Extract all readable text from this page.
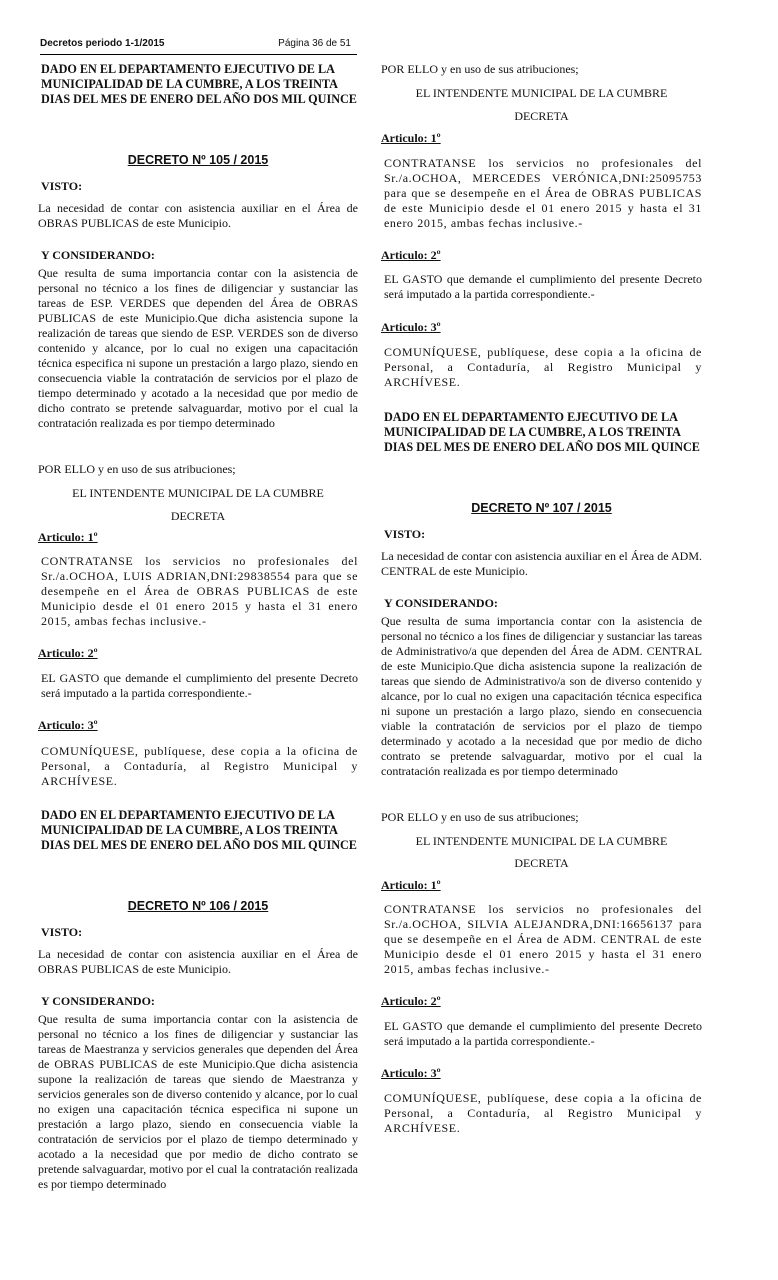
Decretos periodo 1-1/2015	Página 36 de 51
DADO EN EL DEPARTAMENTO EJECUTIVO DE LA MUNICIPALIDAD DE LA CUMBRE, A LOS TREINTA DIAS DEL MES DE ENERO DEL AÑO DOS MIL QUINCE
DECRETO Nº 105 / 2015
VISTO:
La necesidad de contar con asistencia auxiliar en el Área de OBRAS PUBLICAS de este Municipio.
Y CONSIDERANDO:
Que resulta de suma importancia contar con la asistencia de personal no técnico a los fines de diligenciar y sustanciar las tareas de ESP. VERDES que dependen del Área de OBRAS PUBLICAS de este Municipio.Que dicha asistencia supone la realización de tareas que siendo de ESP. VERDES son de diverso contenido y alcance, por lo cual no exigen una capacitación técnica especifica ni supone un prestación a largo plazo, siendo en consecuencia viable la contratación de servicios por el plazo de tiempo determinado y acotado a la necesidad que por medio de dicho contrato se pretende salvaguardar, motivo por el cual la contratación realizada es por tiempo determinado
POR ELLO y en uso de sus atribuciones;
EL INTENDENTE MUNICIPAL DE LA CUMBRE
DECRETA
Articulo: 1º
CONTRATANSE los servicios no profesionales del Sr./a.OCHOA, LUIS ADRIAN,DNI:29838554 para que se desempeñe en el Área de OBRAS PUBLICAS de este Municipio desde el 01 enero 2015 y hasta el 31 enero 2015, ambas fechas inclusive.-
Articulo: 2º
EL GASTO que demande el cumplimiento del presente Decreto será imputado a la partida correspondiente.-
Articulo: 3º
COMUNÍQUESE, publíquese, dese copia a la oficina de Personal, a Contaduría, al Registro Municipal y ARCHÍVESE.
DADO EN EL DEPARTAMENTO EJECUTIVO DE LA MUNICIPALIDAD DE LA CUMBRE, A LOS TREINTA DIAS DEL MES DE ENERO DEL AÑO DOS MIL QUINCE
DECRETO Nº 106 / 2015
VISTO:
La necesidad de contar con asistencia auxiliar en el Área de OBRAS PUBLICAS de este Municipio.
Y CONSIDERANDO:
Que resulta de suma importancia contar con la asistencia de personal no técnico a los fines de diligenciar y sustanciar las tareas de Maestranza y servicios generales que dependen del Área de OBRAS PUBLICAS de este Municipio.Que dicha asistencia supone la realización de tareas que siendo de Maestranza y servicios generales son de diverso contenido y alcance, por lo cual no exigen una capacitación técnica especifica ni supone un prestación a largo plazo, siendo en consecuencia viable la contratación de servicios por el plazo de tiempo determinado y acotado a la necesidad que por medio de dicho contrato se pretende salvaguardar, motivo por el cual la contratación realizada es por tiempo determinado
POR ELLO y en uso de sus atribuciones;
EL INTENDENTE MUNICIPAL DE LA CUMBRE
DECRETA
Articulo: 1º
CONTRATANSE los servicios no profesionales del Sr./a.OCHOA, MERCEDES VERÓNICA,DNI:25095753 para que se desempeñe en el Área de OBRAS PUBLICAS de este Municipio desde el 01 enero 2015 y hasta el 31 enero 2015, ambas fechas inclusive.-
Articulo: 2º
EL GASTO que demande el cumplimiento del presente Decreto será imputado a la partida correspondiente.-
Articulo: 3º
COMUNÍQUESE, publíquese, dese copia a la oficina de Personal, a Contaduría, al Registro Municipal y ARCHÍVESE.
DADO EN EL DEPARTAMENTO EJECUTIVO DE LA MUNICIPALIDAD DE LA CUMBRE, A LOS TREINTA DIAS DEL MES DE ENERO DEL AÑO DOS MIL QUINCE
DECRETO Nº 107 / 2015
VISTO:
La necesidad de contar con asistencia auxiliar en el Área de ADM. CENTRAL de este Municipio.
Y CONSIDERANDO:
Que resulta de suma importancia contar con la asistencia de personal no técnico a los fines de diligenciar y sustanciar las tareas de Administrativo/a que dependen del Área de ADM. CENTRAL de este Municipio.Que dicha asistencia supone la realización de tareas que siendo de Administrativo/a son de diverso contenido y alcance, por lo cual no exigen una capacitación técnica especifica ni supone un prestación a largo plazo, siendo en consecuencia viable la contratación de servicios por el plazo de tiempo determinado y acotado a la necesidad que por medio de dicho contrato se pretende salvaguardar, motivo por el cual la contratación realizada es por tiempo determinado
POR ELLO y en uso de sus atribuciones;
EL INTENDENTE MUNICIPAL DE LA CUMBRE
DECRETA
Articulo: 1º
CONTRATANSE los servicios no profesionales del Sr./a.OCHOA, SILVIA ALEJANDRA,DNI:16656137 para que se desempeñe en el Área de ADM. CENTRAL de este Municipio desde el 01 enero 2015 y hasta el 31 enero 2015, ambas fechas inclusive.-
Articulo: 2º
EL GASTO que demande el cumplimiento del presente Decreto será imputado a la partida correspondiente.-
Articulo: 3º
COMUNÍQUESE, publíquese, dese copia a la oficina de Personal, a Contaduría, al Registro Municipal y ARCHÍVESE.
